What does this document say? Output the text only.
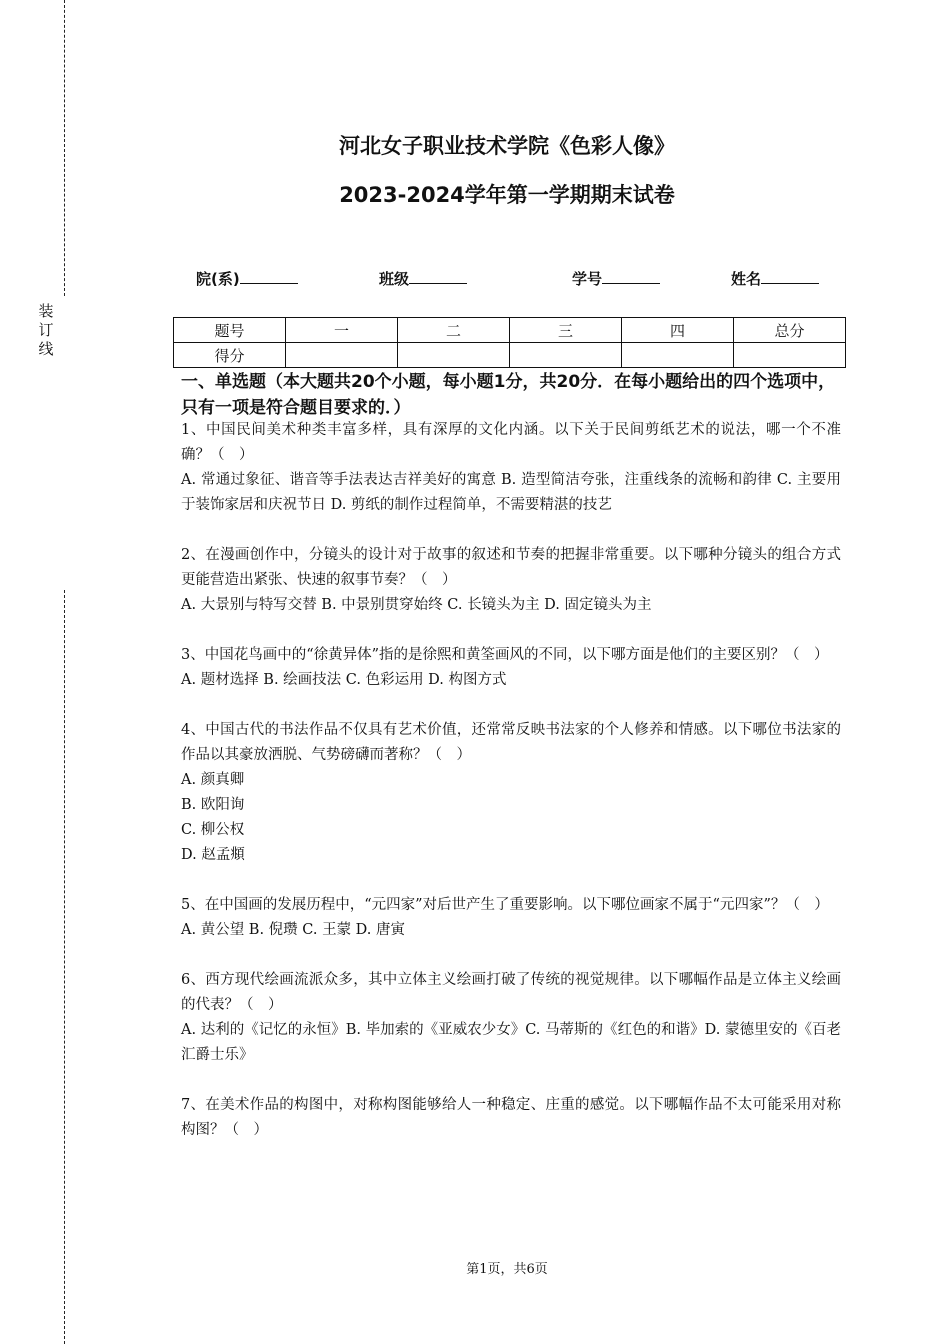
装
订
线
河北女子职业技术学院《色彩人像》
2023-2024学年第一学期期末试卷
院(系)	班级	学号	姓名
题号	一	二	三	四	总分
得分					
一、单选题（本大题共20个小题，每小题1分，共20分．在每小题给出的四个选项中，只有一项是符合题目要求的．）

1、中国民间美术种类丰富多样，具有深厚的文化内涵。以下关于民间剪纸艺术的说法，哪一个不准确？（　）

A. 常通过象征、谐音等手法表达吉祥美好的寓意 B. 造型简洁夸张，注重线条的流畅和韵律 C. 主要用于装饰家居和庆祝节日 D. 剪纸的制作过程简单，不需要精湛的技艺

2、在漫画创作中，分镜头的设计对于故事的叙述和节奏的把握非常重要。以下哪种分镜头的组合方式更能营造出紧张、快速的叙事节奏？（　）

A. 大景别与特写交替 B. 中景别贯穿始终 C. 长镜头为主 D. 固定镜头为主

3、中国花鸟画中的“徐黄异体”指的是徐熙和黄筌画风的不同，以下哪方面是他们的主要区别？（　）

A. 题材选择 B. 绘画技法 C. 色彩运用 D. 构图方式

4、中国古代的书法作品不仅具有艺术价值，还常常反映书法家的个人修养和情感。以下哪位书法家的作品以其豪放洒脱、气势磅礴而著称？（　）

A. 颜真卿

B. 欧阳询

C. 柳公权

D. 赵孟頫

5、在中国画的发展历程中，“元四家”对后世产生了重要影响。以下哪位画家不属于“元四家”？（　）

A. 黄公望 B. 倪瓒 C. 王蒙 D. 唐寅

6、西方现代绘画流派众多，其中立体主义绘画打破了传统的视觉规律。以下哪幅作品是立体主义绘画的代表？（　）

A. 达利的《记忆的永恒》B. 毕加索的《亚威农少女》C. 马蒂斯的《红色的和谐》D. 蒙德里安的《百老汇爵士乐》

7、在美术作品的构图中，对称构图能够给人一种稳定、庄重的感觉。以下哪幅作品不太可能采用对称构图？（　）

第1页，共6页
